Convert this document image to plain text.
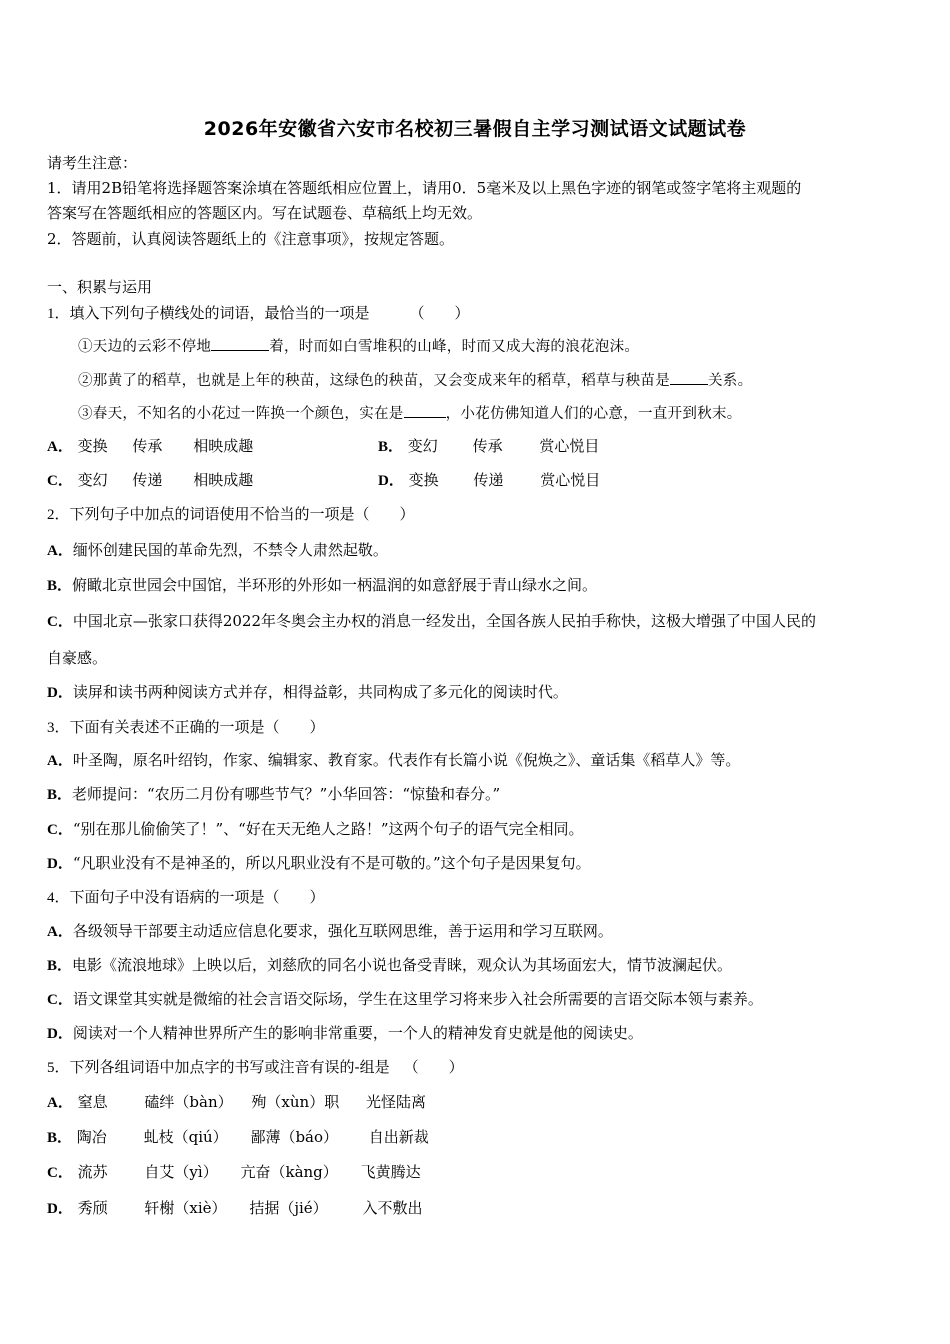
2026年安徽省六安市名校初三暑假自主学习测试语文试题试卷
请考生注意：
1．请用2B铅笔将选择题答案涂填在答题纸相应位置上，请用0．5毫米及以上黑色字迹的钢笔或签字笔将主观题的
答案写在答题纸相应的答题区内。写在试题卷、草稿纸上均无效。
2．答题前，认真阅读答题纸上的《注意事项》，按规定答题。
一、积累与运用
1．填入下列句子横线处的词语，最恰当的一项是	（　　）
①天边的云彩不停地	着，时而如白雪堆积的山峰，时而又成大海的浪花泡沫。
②那黄了的稻草，也就是上年的秧苗，这绿色的秧苗，又会变成来年的稻草，稻草与秧苗是	关系。
③春天，不知名的小花过一阵换一个颜色，实在是	，小花仿佛知道人们的心意，一直开到秋末。
A． 变换 传承 相映成趣	B． 变幻 传承 赏心悦目
C． 变幻 传递 相映成趣	D． 变换 传递 赏心悦目
2．下列句子中加点的词语使用不恰当的一项是（　　）
A．缅怀创建民国的革命先烈，不禁令人肃然起敬。
B．俯瞰北京世园会中国馆，半环形的外形如一柄温润的如意舒展于青山绿水之间。
C．中国北京—张家口获得2022年冬奥会主办权的消息一经发出，全国各族人民拍手称快，这极大增强了中国人民的
自豪感。
D．读屏和读书两种阅读方式并存，相得益彰，共同构成了多元化的阅读时代。
3．下面有关表述不正确的一项是（　　）
A．叶圣陶，原名叶绍钧，作家、编辑家、教育家。代表作有长篇小说《倪焕之》、童话集《稻草人》等。
B．老师提问：“农历二月份有哪些节气？”小华回答：“惊蛰和春分。”
C．“别在那儿偷偷笑了！”、“好在天无绝人之路！”这两个句子的语气完全相同。
D．“凡职业没有不是神圣的，所以凡职业没有不是可敬的。”这个句子是因果复句。
4．下面句子中没有语病的一项是（　　）
A．各级领导干部要主动适应信息化要求，强化互联网思维，善于运用和学习互联网。
B．电影《流浪地球》上映以后，刘慈欣的同名小说也备受青睐，观众认为其场面宏大，情节波澜起伏。
C．语文课堂其实就是微缩的社会言语交际场，学生在这里学习将来步入社会所需要的言语交际本领与素养。
D．阅读对一个人精神世界所产生的影响非常重要，一个人的精神发育史就是他的阅读史。
5．下列各组词语中加点字的书写或注音有误的-组是 （　　）
A． 窒息 磕绊（bàn） 殉（xùn）职 光怪陆离
B． 陶冶 虬枝（qiú） 鄙薄（báo） 自出新裁
C． 流苏 自艾（yì） 亢奋（kàng） 飞黄腾达
D． 秀颀 轩榭（xiè） 拮据（jié） 入不敷出
